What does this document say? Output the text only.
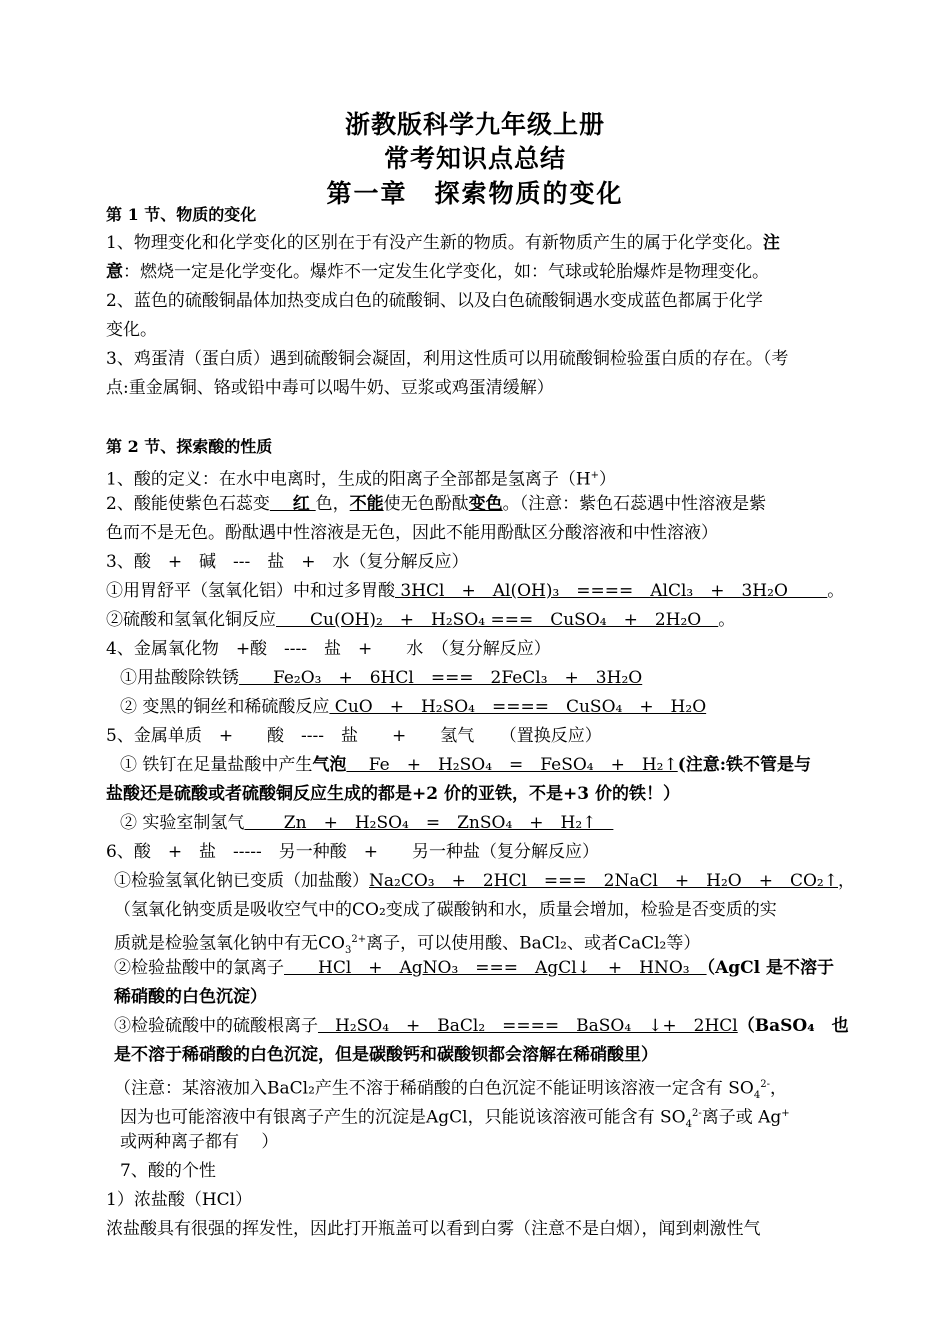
浙教版科学九年级上册
常考知识点总结
第一章　探索物质的变化
第 1 节、物质的变化
1、物理变化和化学变化的区别在于有没产生新的物质。有新物质产生的属于化学变化。注
意：燃烧一定是化学变化。爆炸不一定发生化学变化，如：气球或轮胎爆炸是物理变化。
2、蓝色的硫酸铜晶体加热变成白色的硫酸铜、以及白色硫酸铜遇水变成蓝色都属于化学
变化。
3、鸡蛋清（蛋白质）遇到硫酸铜会凝固，利用这性质可以用硫酸铜检验蛋白质的存在。（考
点:重金属铜、铬或铅中毒可以喝牛奶、豆浆或鸡蛋清缓解）
第 2 节、探索酸的性质
1、酸的定义：在水中电离时，生成的阳离子全部都是氢离子（H+）
2、酸能使紫色石蕊变　 红 色，不能使无色酚酞变色。（注意：紫色石蕊遇中性溶液是紫
色而不是无色。酚酞遇中性溶液是无色，因此不能用酚酞区分酸溶液和中性溶液）
3、酸　+　碱　---　盐　+　水（复分解反应）
①用胃舒平（氢氧化铝）中和过多胃酸 3HCl　+　Al(OH)₃　====　AlCl₃　+　3H₂O　　 。
②硫酸和氢氧化铜反应　　Cu(OH)₂　+　H₂SO₄ ===　CuSO₄　+　2H₂O　。
4、金属氧化物　+酸　----　盐　+　　水　（复分解反应）
①用盐酸除铁锈　　Fe₂O₃　+　6HCl　===　2FeCl₃　+　3H₂O
② 变黑的铜丝和稀硫酸反应 CuO　+　H₂SO₄　====　CuSO₄　+　H₂O
5、金属单质　+　　酸　----　盐　　+　　氢气　　（置换反应）
① 铁钉在足量盐酸中产生气泡　 Fe　+　H₂SO₄　=　FeSO₄　+　H₂↑(注意:铁不管是与
盐酸还是硫酸或者硫酸铜反应生成的都是+2 价的亚铁，不是+3 价的铁！）
② 实验室制氢气　　 Zn　+　H₂SO₄　=　ZnSO₄　+　H₂↑　
6、酸　+　盐　-----　另一种酸　+　　另一种盐（复分解反应）
①检验氢氧化钠已变质（加盐酸）Na₂CO₃　+　2HCl　===　2NaCl　+　H₂O　+　CO₂↑，
（氢氧化钠变质是吸收空气中的CO₂变成了碳酸钠和水，质量会增加，检验是否变质的实
质就是检验氢氧化钠中有无$CO_3^{2+}$离子，可以使用酸、BaCl₂、或者CaCl₂等）
②检验盐酸中的氯离子　　HCl　+　AgNO₃　===　AgCl↓　+　HNO₃　（AgCl 是不溶于
稀硝酸的白色沉淀）
③检验硫酸中的硫酸根离子　H₂SO₄　+　BaCl₂　====　BaSO₄　↓+　2HCl（BaSO₄　也
是不溶于稀硝酸的白色沉淀，但是碳酸钙和碳酸钡都会溶解在稀硝酸里）
（注意：某溶液加入BaCl₂产生不溶于稀硝酸的白色沉淀不能证明该溶液一定含有 $SO_4^{2-}$，
因为也可能溶液中有银离子产生的沉淀是AgCl，只能说该溶液可能含有 $SO_4^{2-}$离子或 Ag+
或两种离子都有　 ）
7、酸的个性
1）浓盐酸（HCl）
浓盐酸具有很强的挥发性，因此打开瓶盖可以看到白雾（注意不是白烟），闻到刺激性气
